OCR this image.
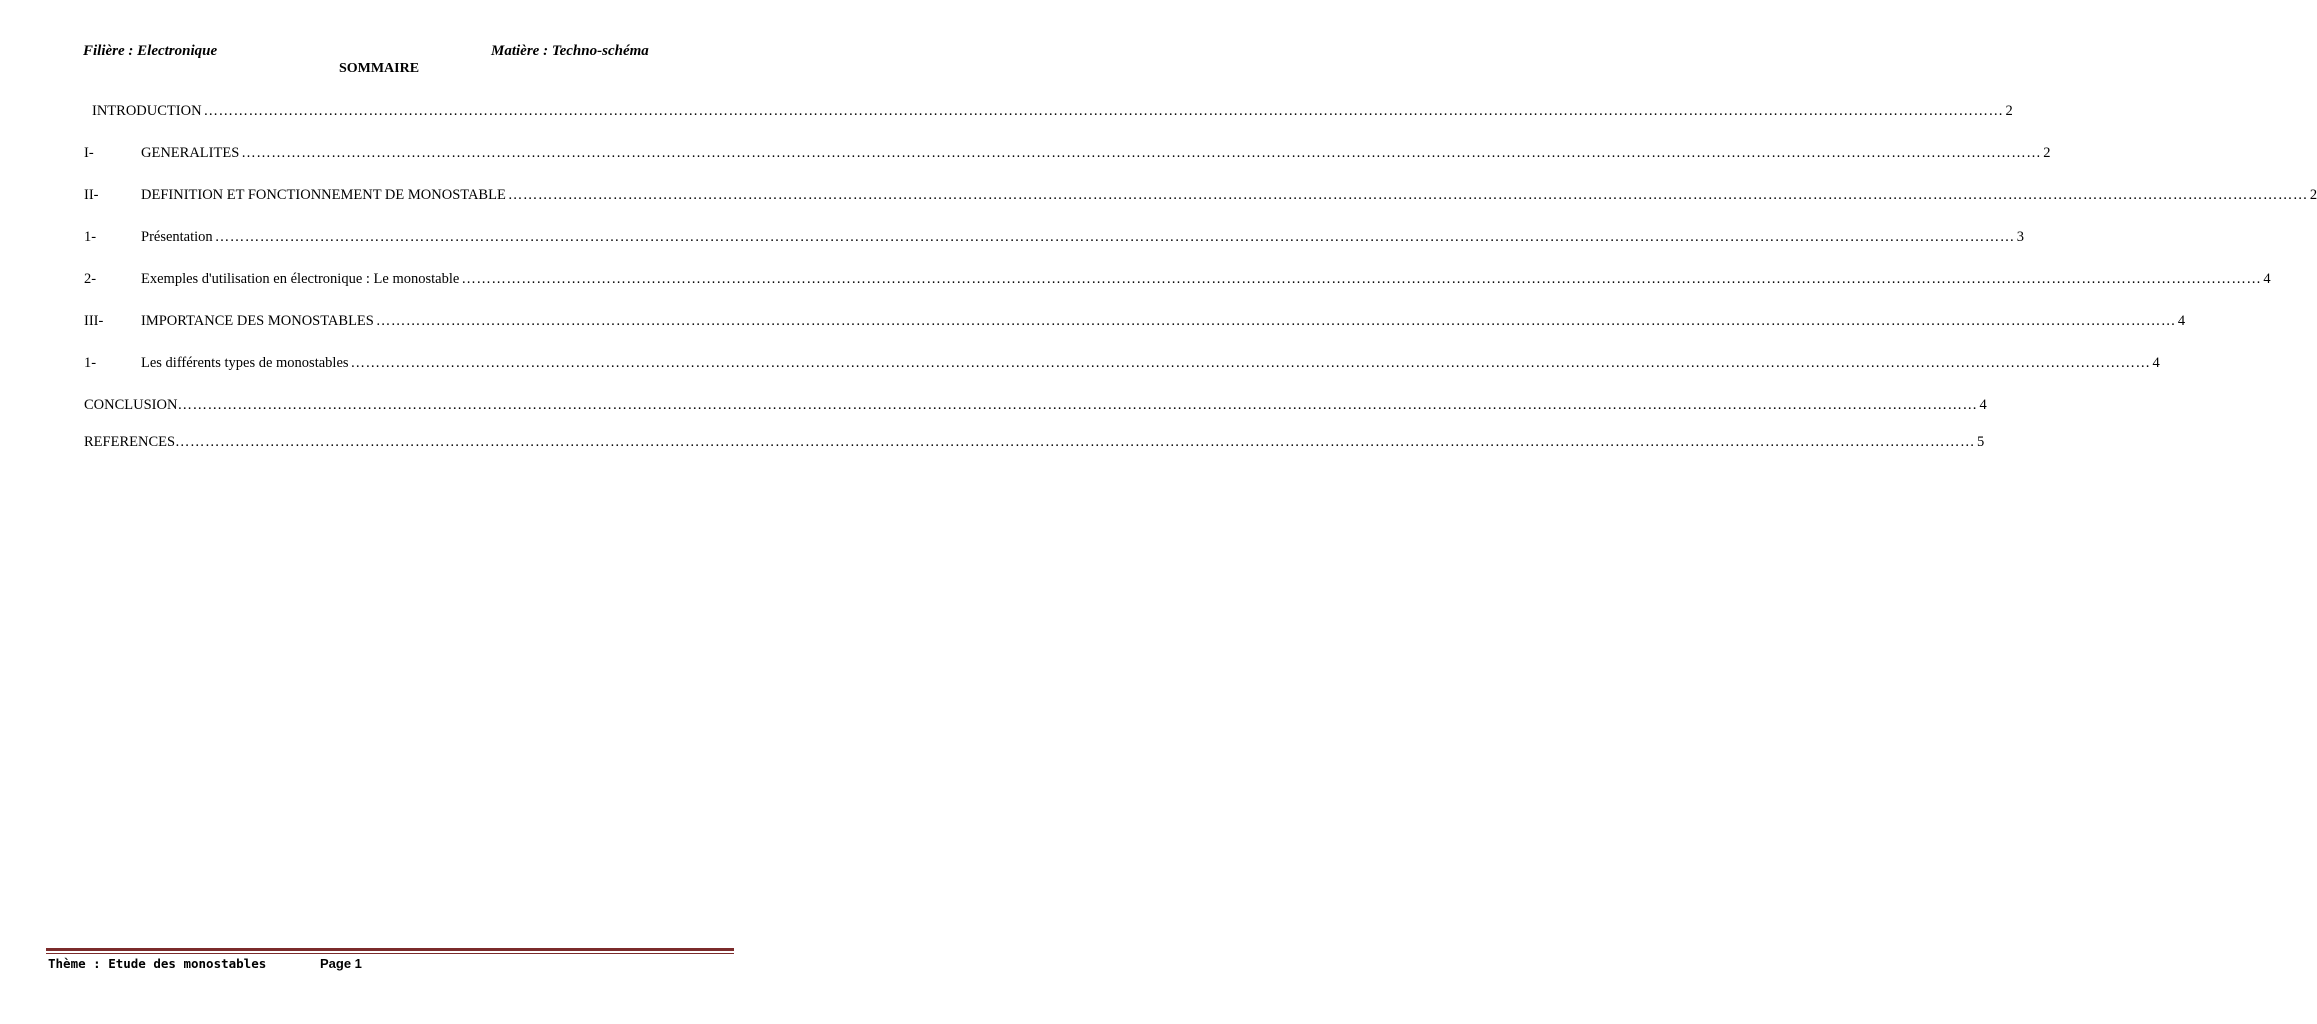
Filière : Electronique	Matière : Techno-schéma
SOMMAIRE
INTRODUCTION ……………………………………………………………………………………………………………………………………………………………………………………………………………………………………………………………………………………………………………………………… 2
I-	GENERALITES ……………………………………………………………………………………………………………………………………………………………………………………………………………………………………………………………………………………………………………………………… 2
II-	DEFINITION ET FONCTIONNEMENT DE MONOSTABLE ……………………………………………………………………………………………………………………………………………………………………………………………………………………………………………………………………………………………………………………………… 2
1-	Présentation ……………………………………………………………………………………………………………………………………………………………………………………………………………………………………………………………………………………………………………………………… 3
2-	Exemples d'utilisation en électronique : Le monostable ……………………………………………………………………………………………………………………………………………………………………………………………………………………………………………………………………………………………………………………………… 4
III-	IMPORTANCE DES MONOSTABLES ……………………………………………………………………………………………………………………………………………………………………………………………………………………………………………………………………………………………………………………………… 4
1-	Les différents types de monostables ……………………………………………………………………………………………………………………………………………………………………………………………………………………………………………………………………………………………………………………………… 4
CONCLUSION ……………………………………………………………………………………………………………………………………………………………………………………………………………………………………………………………………………………………………………………………… 4
REFERENCES ……………………………………………………………………………………………………………………………………………………………………………………………………………………………………………………………………………………………………………………………… 5
Thème : Etude des monostables	Page 1
